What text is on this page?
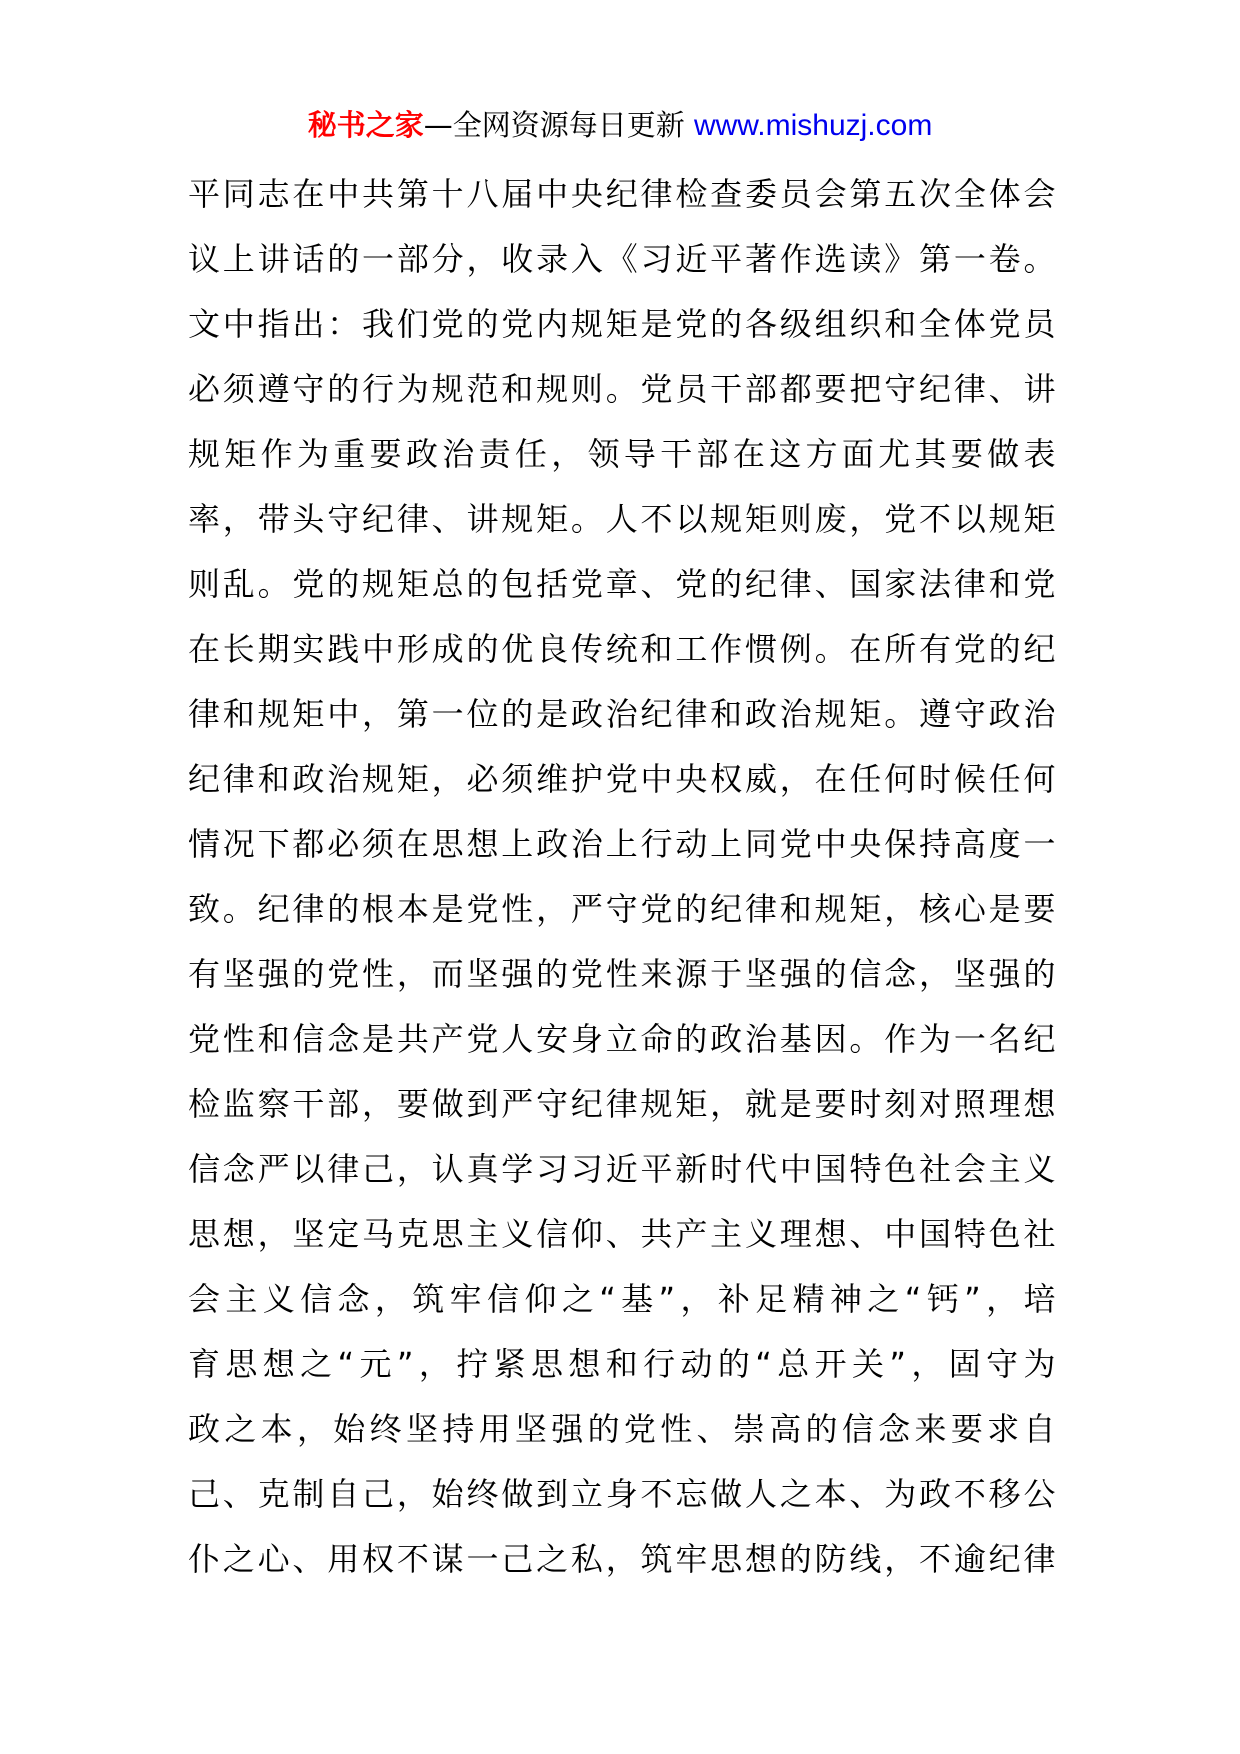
秘书之家—全网资源每日更新 www.mishuzj.com
平同志在中共第十八届中央纪律检查委员会第五次全体会
议上讲话的一部分，收录入《习近平著作选读》第一卷。
文中指出：我们党的党内规矩是党的各级组织和全体党员
必须遵守的行为规范和规则。党员干部都要把守纪律、讲
规矩作为重要政治责任，领导干部在这方面尤其要做表
率，带头守纪律、讲规矩。人不以规矩则废，党不以规矩
则乱。党的规矩总的包括党章、党的纪律、国家法律和党
在长期实践中形成的优良传统和工作惯例。在所有党的纪
律和规矩中，第一位的是政治纪律和政治规矩。遵守政治
纪律和政治规矩，必须维护党中央权威，在任何时候任何
情况下都必须在思想上政治上行动上同党中央保持高度一
致。纪律的根本是党性，严守党的纪律和规矩，核心是要
有坚强的党性，而坚强的党性来源于坚强的信念，坚强的
党性和信念是共产党人安身立命的政治基因。作为一名纪
检监察干部，要做到严守纪律规矩，就是要时刻对照理想
信念严以律己，认真学习习近平新时代中国特色社会主义
思想，坚定马克思主义信仰、共产主义理想、中国特色社
会主义信念，筑牢信仰之“基”，补足精神之“钙”，培
育思想之“元”，拧紧思想和行动的“总开关”，固守为
政之本，始终坚持用坚强的党性、崇高的信念来要求自
己、克制自己，始终做到立身不忘做人之本、为政不移公
仆之心、用权不谋一己之私，筑牢思想的防线，不逾纪律
